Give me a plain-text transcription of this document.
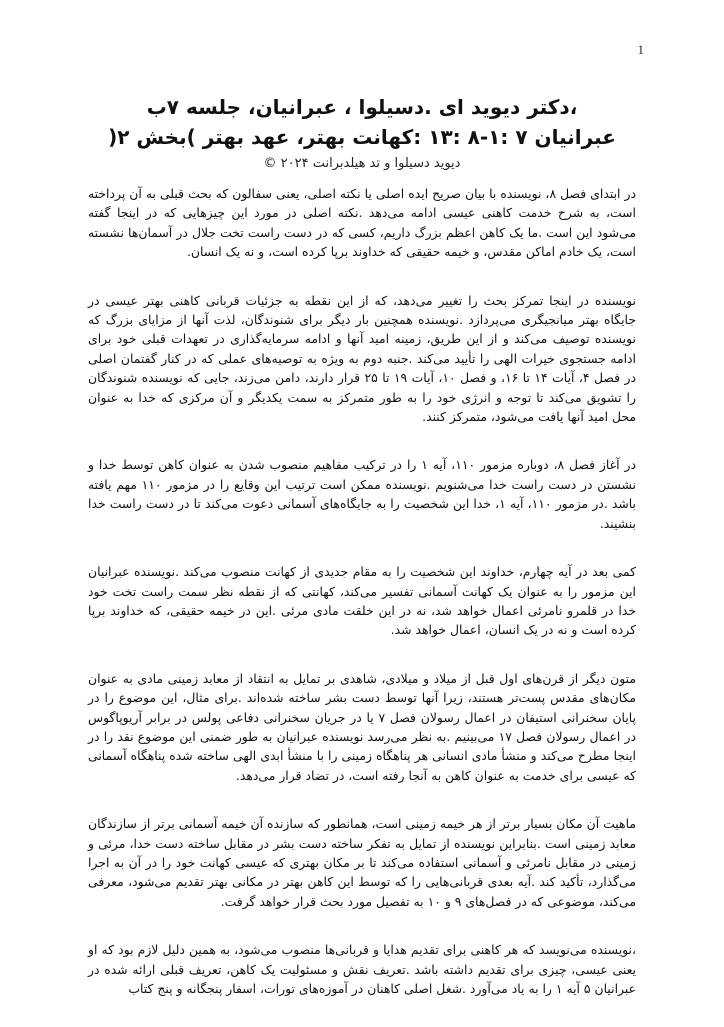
1
،دکتر دیوید ای .دسیلوا ، عبرانیان، جلسه ۷ب
عبرانیان ۷ :۱-۸ :۱۳ :کهانت بهتر، عهد بهتر )بخش ۲(
دیوید دسیلوا و تد هیلدبرانت ۲۰۲۴ ©

در ابتدای فصل ۸، نویسنده با بیان صریح ایده اصلی یا نکته اصلی، یعنی سفالون که بحث قبلی به آن پرداخته است، به شرح خدمت کاهنی عیسی ادامه می‌دهد .نکته اصلی در مورد این چیزهایی که در اینجا گفته می‌شود این است .ما یک کاهن اعظم بزرگ داریم، کسی که در دست راست تخت جلال در آسمان‌ها نشسته است، یک خادم اماکن مقدس، و خیمه حقیقی که خداوند برپا کرده است، و نه یک انسان.

نویسنده در اینجا تمرکز بحث را تغییر می‌دهد، که از این نقطه به جزئیات قربانی کاهنی بهتر عیسی در جایگاه بهتر میانجیگری می‌پردازد .نویسنده همچنین بار دیگر برای شنوندگان، لذت آنها از مزایای بزرگ که نویسنده توصیف می‌کند و از این طریق، زمینه امید آنها و ادامه سرمایه‌گذاری در تعهدات قبلی خود برای ادامه جستجوی خیرات الهی را تأیید می‌کند .جنبه دوم به ویژه به توصیه‌های عملی که در کنار گفتمان اصلی در فصل ۴، آیات ۱۴ تا ۱۶، و فصل ۱۰، آیات ۱۹ تا ۲۵ قرار دارند، دامن می‌زند، جایی که نویسنده شنوندگان را تشویق می‌کند تا توجه و انرژی خود را به طور متمرکز به سمت یکدیگر و آن مرکزی که خدا به عنوان محل امید آنها یافت می‌شود، متمرکز کنند.

در آغاز فصل ۸، دوباره مزمور ۱۱۰، آیه ۱ را در ترکیب مفاهیم منصوب شدن به عنوان کاهن توسط خدا و نشستن در دست راست خدا می‌شنویم .نویسنده ممکن است ترتیب این وقایع را در مزمور ۱۱۰ مهم یافته باشد .در مزمور ۱۱۰، آیه ۱، خدا این شخصیت را به جایگاه‌های آسمانی دعوت می‌کند تا در دست راست خدا بنشیند.

کمی بعد در آیه چهارم، خداوند این شخصیت را به مقام جدیدی از کهانت منصوب می‌کند .نویسنده عبرانیان این مزمور را به عنوان یک کهانت آسمانی تفسیر می‌کند، کهانتی که از نقطه نظر سمت راست تخت خود خدا در قلمرو نامرئی اعمال خواهد شد، نه در این خلقت مادی مرئی .این در خیمه حقیقی، که خداوند برپا کرده است و نه در یک انسان، اعمال خواهد شد.

متون دیگر از قرن‌های اول قبل از میلاد و میلادی، شاهدی بر تمایل به انتقاد از معابد زمینی مادی به عنوان مکان‌های مقدس پست‌تر هستند، زیرا آنها توسط دست بشر ساخته شده‌اند .برای مثال، این موضوع را در پایان سخنرانی استیفان در اعمال رسولان فصل ۷ یا در جریان سخنرانی دفاعی پولس در برابر آریوپاگوس در اعمال رسولان فصل ۱۷ می‌بینیم .به نظر می‌رسد نویسنده عبرانیان به طور ضمنی این موضوع نقد را در اینجا مطرح می‌کند و منشأ مادی انسانی هر پناهگاه زمینی را با منشأ ابدی الهی ساخته شده پناهگاه آسمانی که عیسی برای خدمت به عنوان کاهن به آنجا رفته است، در تضاد قرار می‌دهد.

ماهیت آن مکان بسیار برتر از هر خیمه زمینی است، همانطور که سازنده آن خیمه آسمانی برتر از سازندگان معابد زمینی است .بنابراین نویسنده از تمایل به تفکر ساخته دست بشر در مقابل ساخته دست خدا، مرئی و زمینی در مقابل نامرئی و آسمانی استفاده می‌کند تا بر مکان بهتری که عیسی کهانت خود را در آن به اجرا می‌گذارد، تأکید کند .آیه بعدی قربانی‌هایی را که توسط این کاهن بهتر در مکانی بهتر تقدیم می‌شود، معرفی می‌کند، موضوعی که در فصل‌های ۹ و ۱۰ به تفصیل مورد بحث قرار خواهد گرفت.

،نویسنده می‌نویسد که هر کاهنی برای تقدیم هدایا و قربانی‌ها منصوب می‌شود، به همین دلیل لازم بود که او یعنی عیسی، چیزی برای تقدیم داشته باشد .تعریف نقش و مسئولیت یک کاهن، تعریف قبلی ارائه شده در عبرانیان ۵ آیه ۱ را به یاد می‌آورد .شغل اصلی کاهنان در آموزه‌های تورات، اسفار پنجگانه و پنج کتاب
